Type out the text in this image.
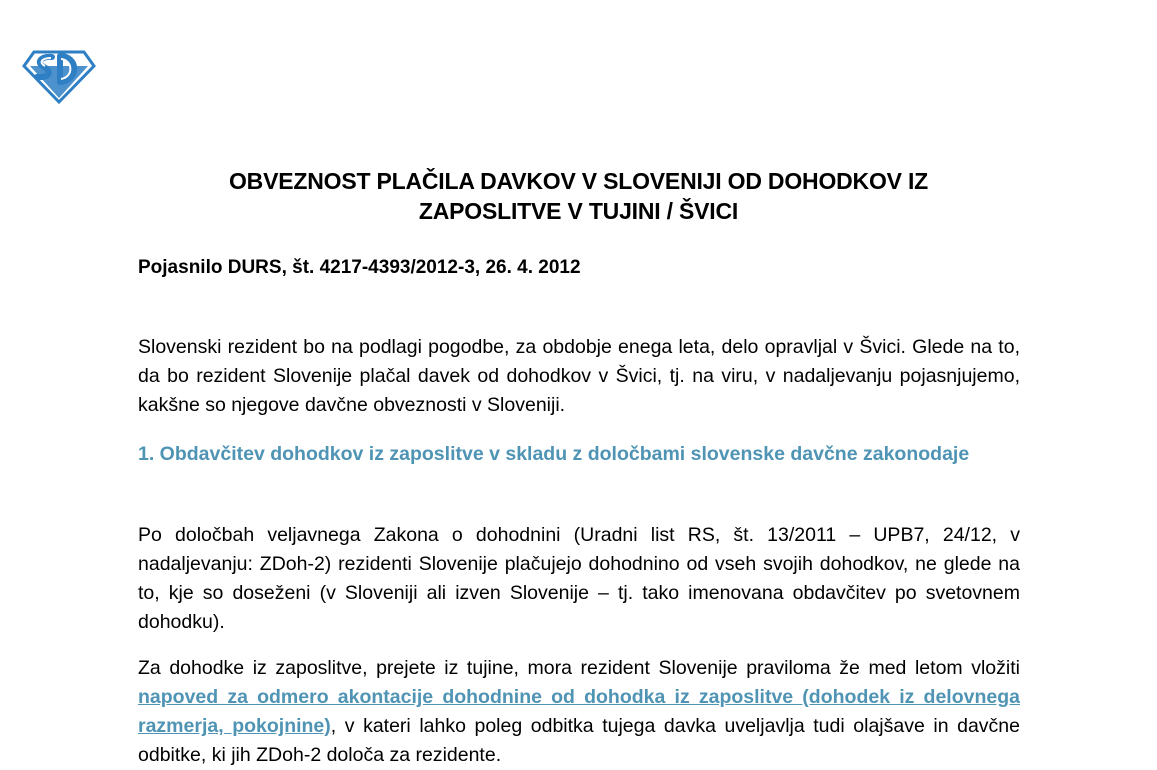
OBVEZNOST PLAČILA DAVKOV V SLOVENIJI OD DOHODKOV IZ
ZAPOSLITVE V TUJINI / ŠVICI
Pojasnilo DURS, št. 4217-4393/2012-3, 26. 4. 2012
Slovenski rezident bo na podlagi pogodbe, za obdobje enega leta, delo opravljal v Švici. Glede na to, da bo rezident Slovenije plačal davek od dohodkov v Švici, tj. na viru, v nadaljevanju pojasnjujemo, kakšne so njegove davčne obveznosti v Sloveniji.
1. Obdavčitev dohodkov iz zaposlitve v skladu z določbami slovenske davčne zakonodaje
Po določbah veljavnega Zakona o dohodnini (Uradni list RS, št. 13/2011 – UPB7, 24/12, v nadaljevanju: ZDoh-2) rezidenti Slovenije plačujejo dohodnino od vseh svojih dohodkov, ne glede na to, kje so doseženi (v Sloveniji ali izven Slovenije – tj. tako imenovana obdavčitev po svetovnem dohodku).
Za dohodke iz zaposlitve, prejete iz tujine, mora rezident Slovenije praviloma že med letom vložiti napoved za odmero akontacije dohodnine od dohodka iz zaposlitve (dohodek iz delovnega razmerja, pokojnine), v kateri lahko poleg odbitka tujega davka uveljavlja tudi olajšave in davčne odbitke, ki jih ZDoh-2 določa za rezidente.
